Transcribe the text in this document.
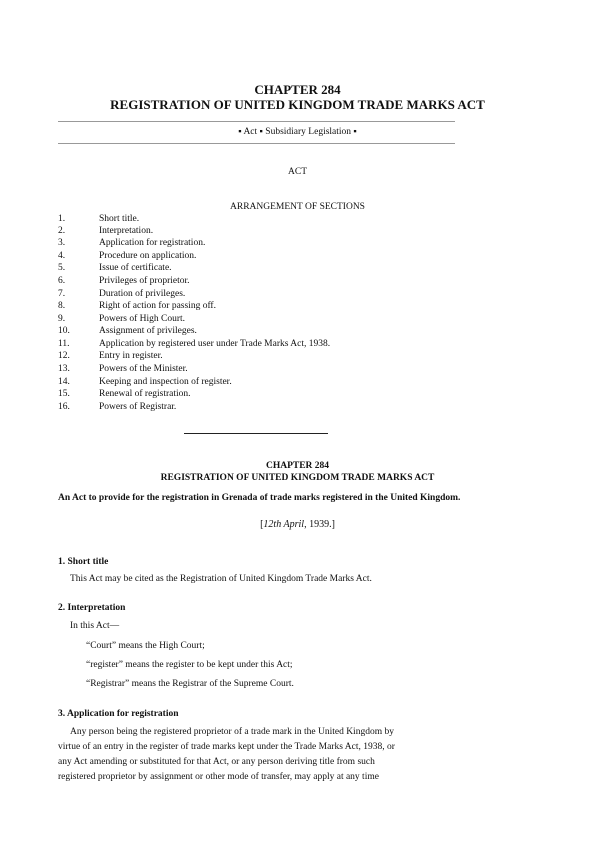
CHAPTER 284
REGISTRATION OF UNITED KINGDOM TRADE MARKS ACT
▪ Act ▪ Subsidiary Legislation ▪
ACT
ARRANGEMENT OF SECTIONS
1.	Short title.
2.	Interpretation.
3.	Application for registration.
4.	Procedure on application.
5.	Issue of certificate.
6.	Privileges of proprietor.
7.	Duration of privileges.
8.	Right of action for passing off.
9.	Powers of High Court.
10.	Assignment of privileges.
11.	Application by registered user under Trade Marks Act, 1938.
12.	Entry in register.
13.	Powers of the Minister.
14.	Keeping and inspection of register.
15.	Renewal of registration.
16.	Powers of Registrar.
CHAPTER 284
REGISTRATION OF UNITED KINGDOM TRADE MARKS ACT
An Act to provide for the registration in Grenada of trade marks registered in the United Kingdom.
[12th April, 1939.]
1. Short title
This Act may be cited as the Registration of United Kingdom Trade Marks Act.
2. Interpretation
In this Act—
“Court” means the High Court;
“register” means the register to be kept under this Act;
“Registrar” means the Registrar of the Supreme Court.
3. Application for registration
Any person being the registered proprietor of a trade mark in the United Kingdom by
virtue of an entry in the register of trade marks kept under the Trade Marks Act, 1938, or
any Act amending or substituted for that Act, or any person deriving title from such
registered proprietor by assignment or other mode of transfer, may apply at any time
